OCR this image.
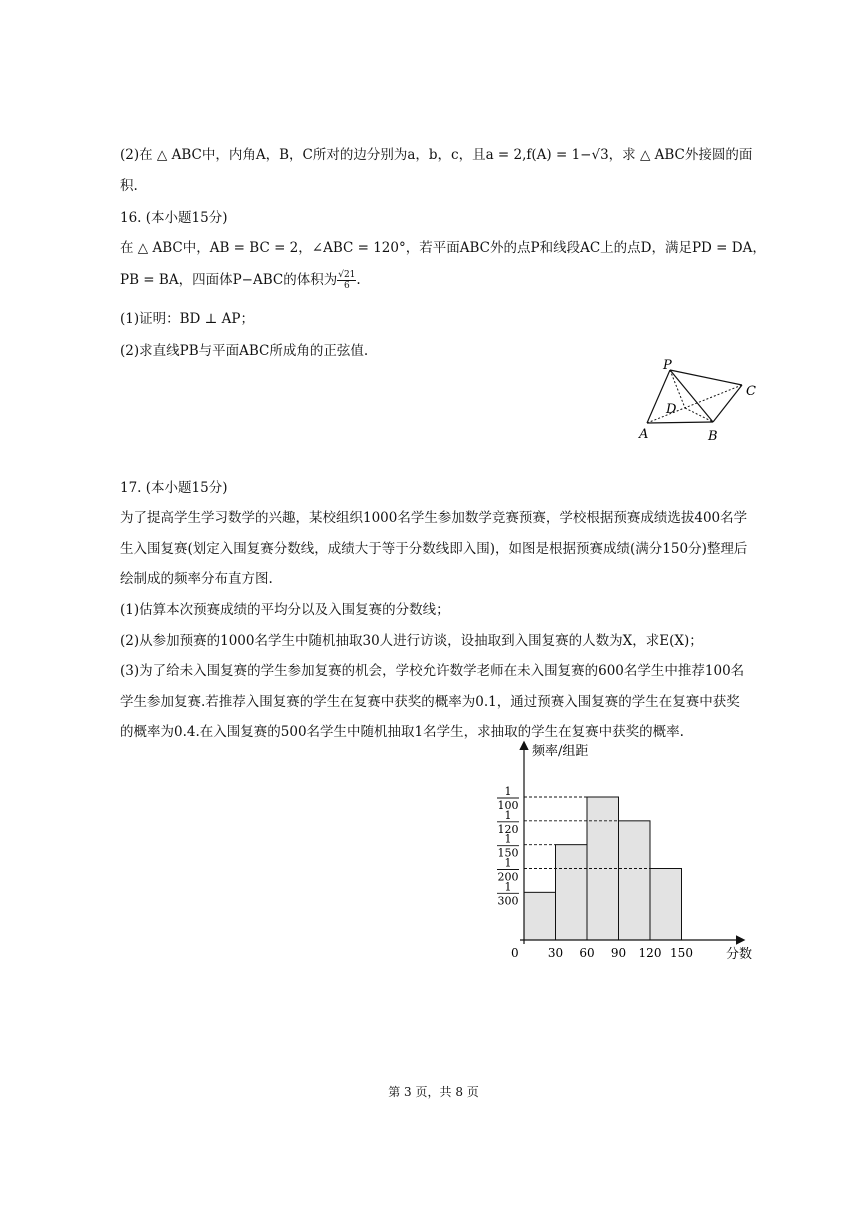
(2)在 △ ABC中，内角A，B，C所对的边分别为a，b，c，且a = 2,f(A) = 1−√3，求 △ ABC外接圆的面
积.
16. (本小题15分)
在 △ ABC中，AB = BC = 2，∠ABC = 120°，若平面ABC外的点P和线段AC上的点D，满足PD = DA，
PB = BA，四面体P−ABC的体积为 $\frac{√21}{6}$ .
(1)证明：BD ⊥ AP；
(2)求直线PB与平面ABC所成角的正弦值.
P
C
D
A	B
17. (本小题15分)
为了提高学生学习数学的兴趣，某校组织1000名学生参加数学竞赛预赛，学校根据预赛成绩选拔400名学
生入围复赛(划定入围复赛分数线，成绩大于等于分数线即入围)，如图是根据预赛成绩(满分150分)整理后
绘制成的频率分布直方图.
(1)估算本次预赛成绩的平均分以及入围复赛的分数线；
(2)从参加预赛的1000名学生中随机抽取30人进行访谈，设抽取到入围复赛的人数为X，求E(X)；
(3)为了给未入围复赛的学生参加复赛的机会，学校允许数学老师在未入围复赛的600名学生中推荐100名
学生参加复赛.若推荐入围复赛的学生在复赛中获奖的概率为0.1，通过预赛入围复赛的学生在复赛中获奖
的概率为0.4.在入围复赛的500名学生中随机抽取1名学生，求抽取的学生在复赛中获奖的概率.
频率/组距
分数
0 30 60 90 120 150
1
300
1
200
1
150
1
120
1
100
第 3 页，共 8 页
